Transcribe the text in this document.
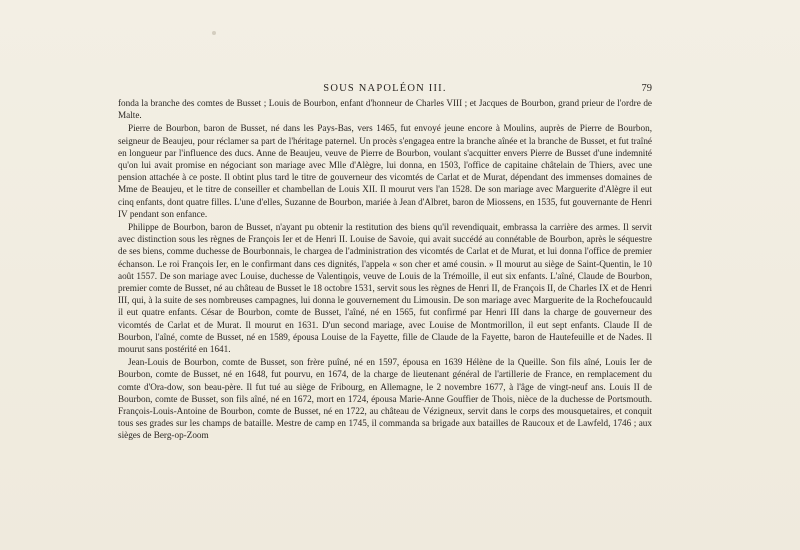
SOUS NAPOLÉON III.	79

fonda la branche des comtes de Busset ; Louis de Bourbon, enfant d'honneur de Charles VIII ; et Jacques de Bourbon, grand prieur de l'ordre de Malte.

Pierre de Bourbon, baron de Busset, né dans les Pays-Bas, vers 1465, fut envoyé jeune encore à Moulins, auprès de Pierre de Bourbon, seigneur de Beaujeu, pour réclamer sa part de l'héritage paternel. Un procès s'engagea entre la branche aînée et la branche de Busset, et fut traîné en longueur par l'influence des ducs. Anne de Beaujeu, veuve de Pierre de Bourbon, voulant s'acquitter envers Pierre de Busset d'une indemnité qu'on lui avait promise en négociant son mariage avec Mlle d'Alègre, lui donna, en 1503, l'office de capitaine châtelain de Thiers, avec une pension attachée à ce poste. Il obtint plus tard le titre de gouverneur des vicomtés de Carlat et de Murat, dépendant des immenses domaines de Mme de Beaujeu, et le titre de conseiller et chambellan de Louis XII. Il mourut vers l'an 1528. De son mariage avec Marguerite d'Alègre il eut cinq enfants, dont quatre filles. L'une d'elles, Suzanne de Bourbon, mariée à Jean d'Albret, baron de Miossens, en 1535, fut gouvernante de Henri IV pendant son enfance.

Philippe de Bourbon, baron de Busset, n'ayant pu obtenir la restitution des biens qu'il revendiquait, embrassa la carrière des armes. Il servit avec distinction sous les règnes de François Ier et de Henri II. Louise de Savoie, qui avait succédé au connétable de Bourbon, après le séquestre de ses biens, comme duchesse de Bourbonnais, le chargea de l'administration des vicomtés de Carlat et de Murat, et lui donna l'office de premier échanson. Le roi François Ier, en le confirmant dans ces dignités, l'appela « son cher et amé cousin. » Il mourut au siège de Saint-Quentin, le 10 août 1557. De son mariage avec Louise, duchesse de Valentinois, veuve de Louis de la Trémoille, il eut six enfants. L'aîné, Claude de Bourbon, premier comte de Busset, né au château de Busset le 18 octobre 1531, servit sous les règnes de Henri II, de François II, de Charles IX et de Henri III, qui, à la suite de ses nombreuses campagnes, lui donna le gouvernement du Limousin. De son mariage avec Marguerite de la Rochefoucauld il eut quatre enfants. César de Bourbon, comte de Busset, l'aîné, né en 1565, fut confirmé par Henri III dans la charge de gouverneur des vicomtés de Carlat et de Murat. Il mourut en 1631. D'un second mariage, avec Louise de Montmorillon, il eut sept enfants. Claude II de Bourbon, l'aîné, comte de Busset, né en 1589, épousa Louise de la Fayette, fille de Claude de la Fayette, baron de Hautefeuille et de Nades. Il mourut sans postérité en 1641.

Jean-Louis de Bourbon, comte de Busset, son frère puîné, né en 1597, épousa en 1639 Hélène de la Queille. Son fils aîné, Louis Ier de Bourbon, comte de Busset, né en 1648, fut pourvu, en 1674, de la charge de lieutenant général de l'artillerie de France, en remplacement du comte d'Ora-dow, son beau-père. Il fut tué au siège de Fribourg, en Allemagne, le 2 novembre 1677, à l'âge de vingt-neuf ans. Louis II de Bourbon, comte de Busset, son fils aîné, né en 1672, mort en 1724, épousa Marie-Anne Gouffier de Thois, nièce de la duchesse de Portsmouth. François-Louis-Antoine de Bourbon, comte de Busset, né en 1722, au château de Vézigneux, servit dans le corps des mousquetaires, et conquit tous ses grades sur les champs de bataille. Mestre de camp en 1745, il commanda sa brigade aux batailles de Raucoux et de Lawfeld, 1746 ; aux sièges de Berg-op-Zoom
